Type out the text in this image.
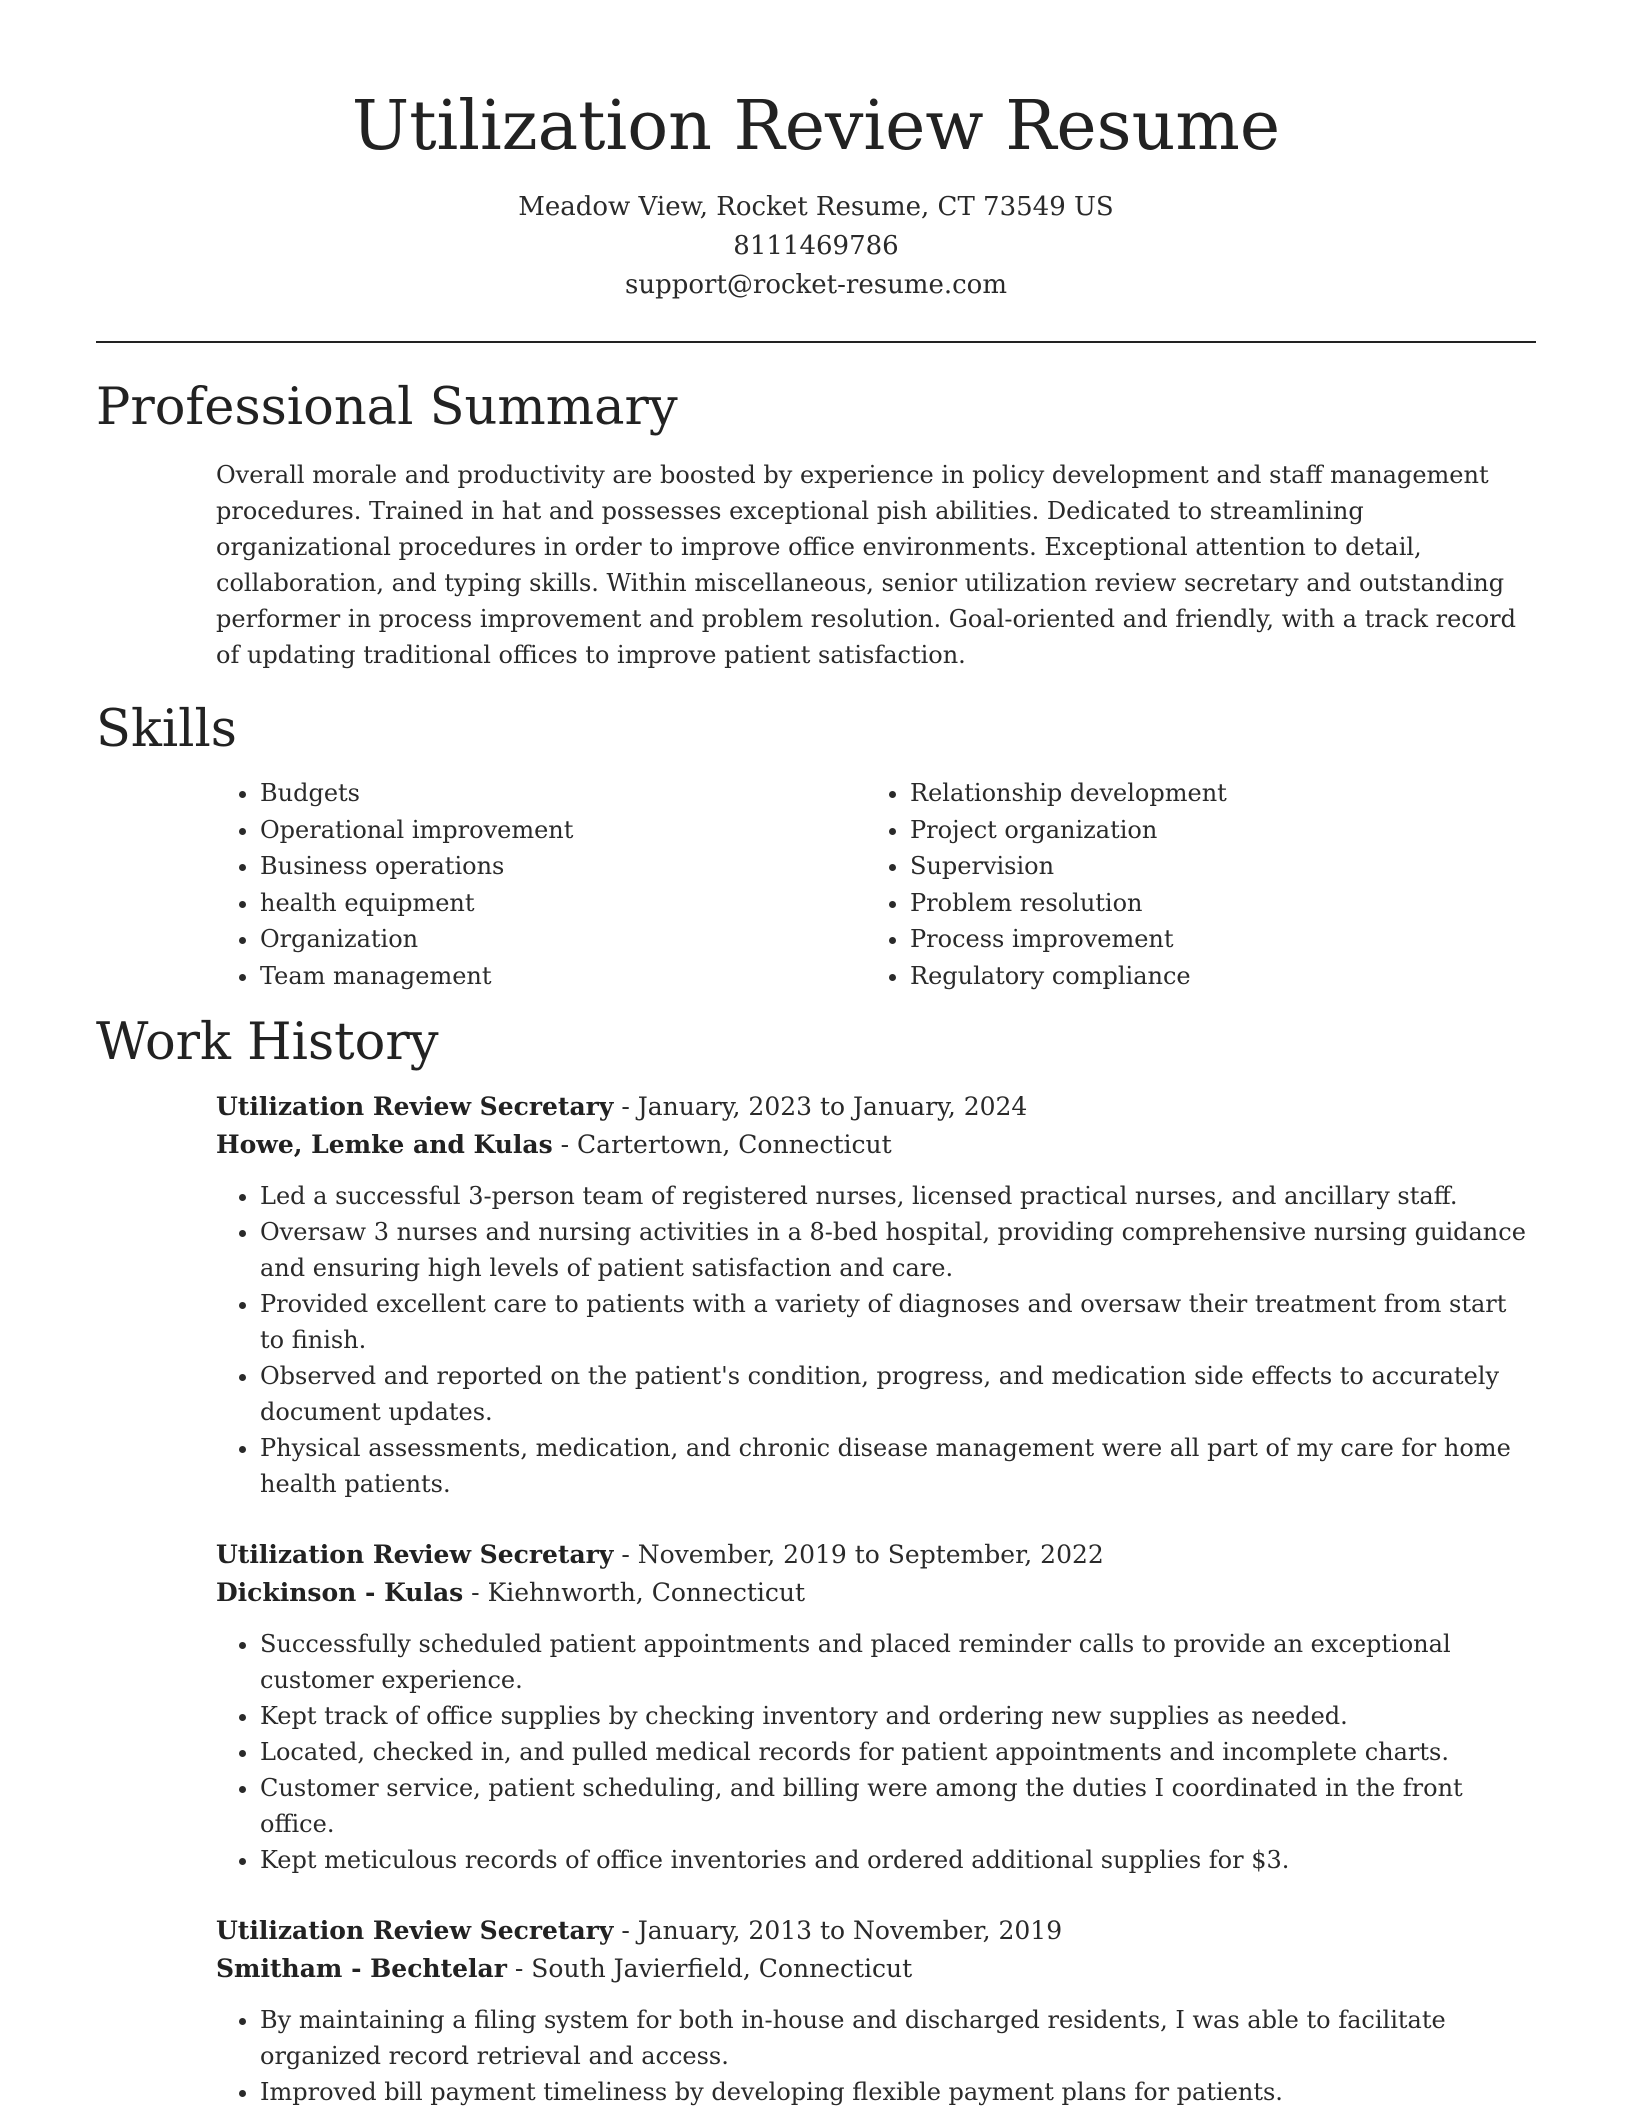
Utilization Review Resume
Meadow View, Rocket Resume, CT 73549 US
8111469786
support@rocket-resume.com
Professional Summary

Overall morale and productivity are boosted by experience in policy development and staff management procedures. Trained in hat and possesses exceptional pish abilities. Dedicated to streamlining organizational procedures in order to improve office environments. Exceptional attention to detail, collaboration, and typing skills. Within miscellaneous, senior utilization review secretary and outstanding performer in process improvement and problem resolution. Goal-oriented and friendly, with a track record of updating traditional offices to improve patient satisfaction.

Skills
• Budgets
• Operational improvement
• Business operations
• health equipment
• Organization
• Team management
• Relationship development
• Project organization
• Supervision
• Problem resolution
• Process improvement
• Regulatory compliance
Work History
Utilization Review Secretary - January, 2023 to January, 2024
Howe, Lemke and Kulas - Cartertown, Connecticut
• Led a successful 3-person team of registered nurses, licensed practical nurses, and ancillary staff.
• Oversaw 3 nurses and nursing activities in a 8-bed hospital, providing comprehensive nursing guidance and ensuring high levels of patient satisfaction and care.
• Provided excellent care to patients with a variety of diagnoses and oversaw their treatment from start to finish.
• Observed and reported on the patient's condition, progress, and medication side effects to accurately document updates.
• Physical assessments, medication, and chronic disease management were all part of my care for home health patients.
Utilization Review Secretary - November, 2019 to September, 2022
Dickinson - Kulas - Kiehnworth, Connecticut
• Successfully scheduled patient appointments and placed reminder calls to provide an exceptional customer experience.
• Kept track of office supplies by checking inventory and ordering new supplies as needed.
• Located, checked in, and pulled medical records for patient appointments and incomplete charts.
• Customer service, patient scheduling, and billing were among the duties I coordinated in the front office.
• Kept meticulous records of office inventories and ordered additional supplies for $3.
Utilization Review Secretary - January, 2013 to November, 2019
Smitham - Bechtelar - South Javierfield, Connecticut
• By maintaining a filing system for both in-house and discharged residents, I was able to facilitate organized record retrieval and access.
• Improved bill payment timeliness by developing flexible payment plans for patients.
